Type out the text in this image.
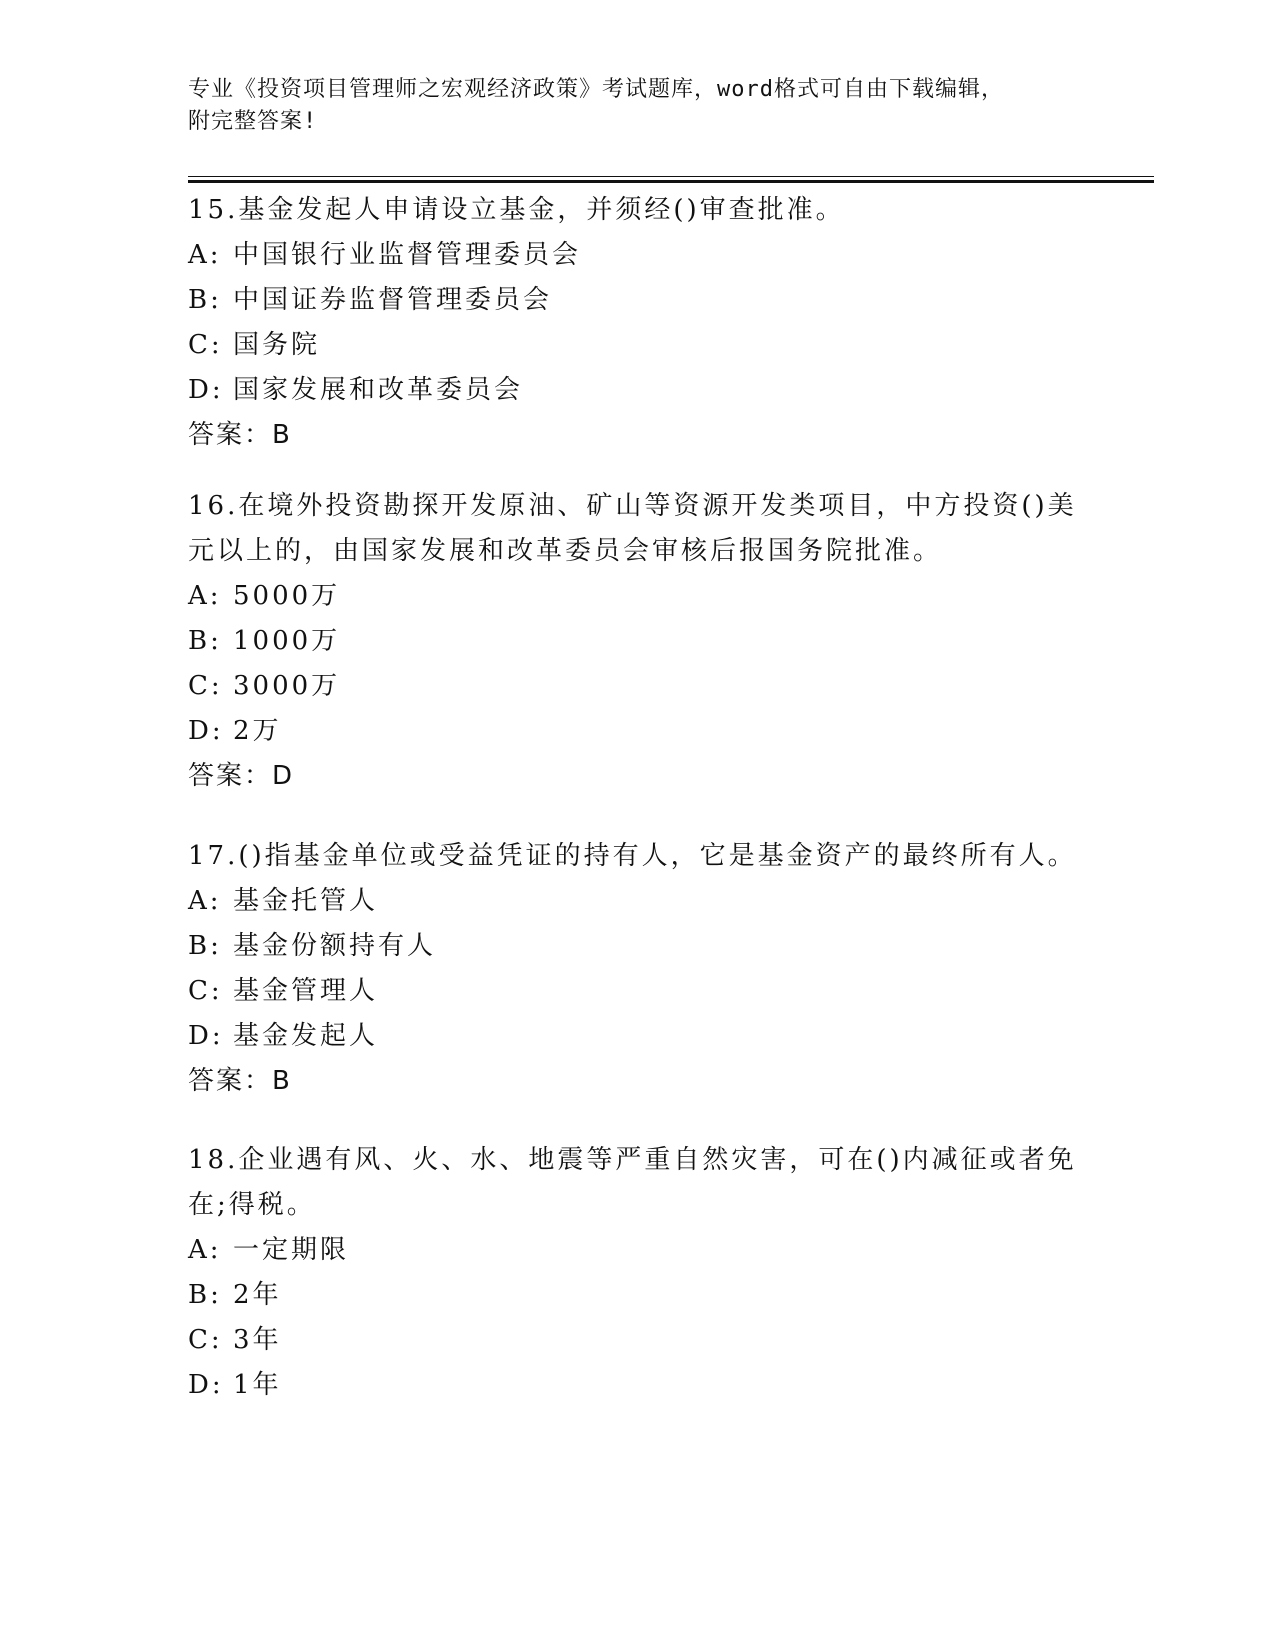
专业《投资项目管理师之宏观经济政策》考试题库，word格式可自由下载编辑，
附完整答案!

15.基金发起人申请设立基金，并须经()审查批准。

A: 中国银行业监督管理委员会

B: 中国证券监督管理委员会

C: 国务院

D: 国家发展和改革委员会

答案：B

16.在境外投资勘探开发原油、矿山等资源开发类项目，中方投资()美

元以上的，由国家发展和改革委员会审核后报国务院批准。

A: 5000万

B: 1000万

C: 3000万

D: 2万

答案：D

17.()指基金单位或受益凭证的持有人，它是基金资产的最终所有人。

A: 基金托管人

B: 基金份额持有人

C: 基金管理人

D: 基金发起人

答案：B

18.企业遇有风、火、水、地震等严重自然灾害，可在()内减征或者免

在;得税。

A: 一定期限

B: 2年

C: 3年

D: 1年
